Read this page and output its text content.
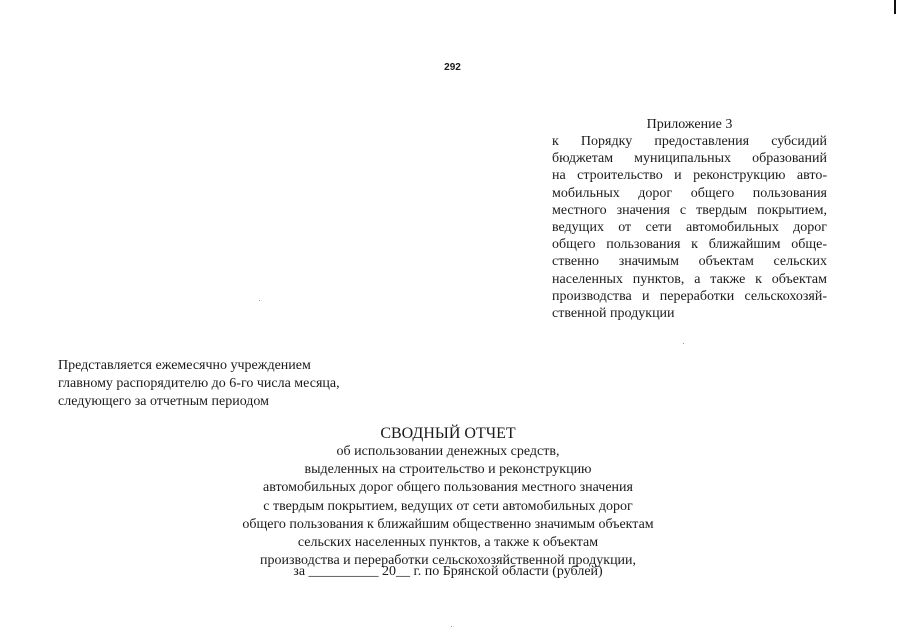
292
Приложение 3
к Порядку предоставления субсидий
бюджетам муниципальных образований
на строительство и реконструкцию авто-
мобильных дорог общего пользования
местного значения с твердым покрытием,
ведущих от сети автомобильных дорог
общего пользования к ближайшим обще-
ственно значимым объектам сельских
населенных пунктов, а также к объектам
производства и переработки сельскохозяй-
ственной продукции
Представляется ежемесячно учреждением
главному распорядителю до 6-го числа месяца,
следующего за отчетным периодом
СВОДНЫЙ ОТЧЕТ
об использовании денежных средств,
выделенных на строительство и реконструкцию
автомобильных дорог общего пользования местного значения
с твердым покрытием, ведущих от сети автомобильных дорог
общего пользования к ближайшим общественно значимым объектам
сельских населенных пунктов, а также к объектам
производства и переработки сельскохозяйственной продукции,
за __________ 20__ г. по Брянской области (рублей)
